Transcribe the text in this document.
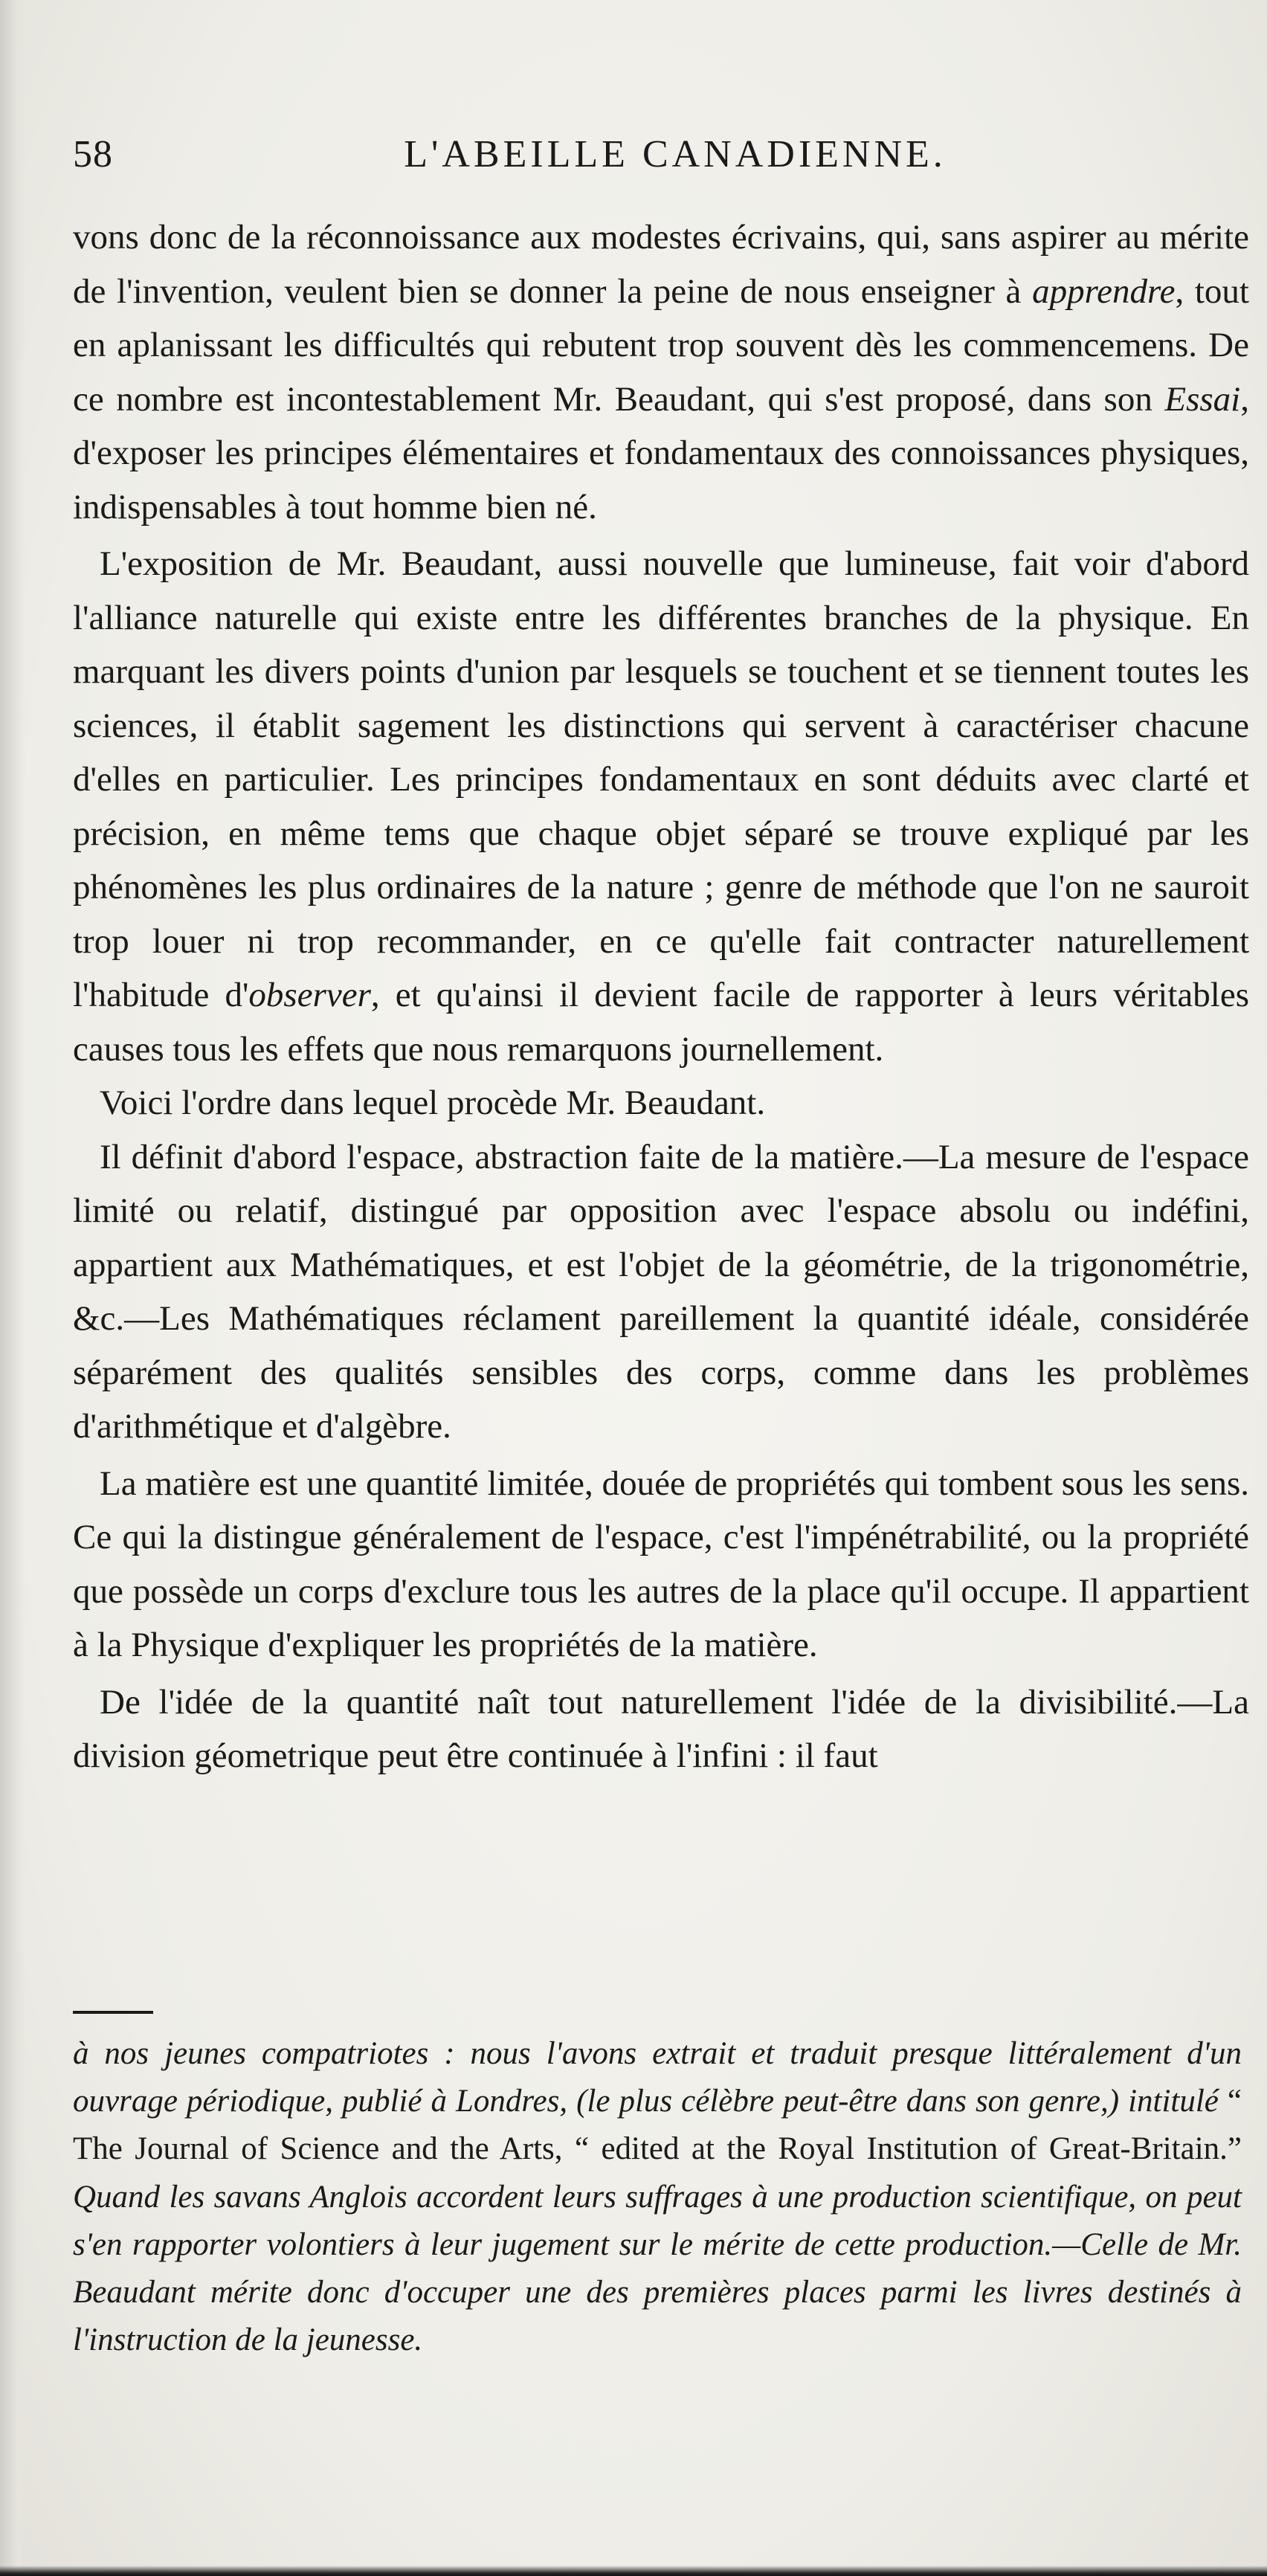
58	L'ABEILLE CANADIENNE.

vons donc de la réconnoissance aux modestes écrivains, qui, sans aspirer au mérite de l'invention, veulent bien se donner la peine de nous enseigner à apprendre, tout en aplanissant les difficultés qui rebutent trop souvent dès les commencemens. De ce nombre est incontestablement Mr. Beaudant, qui s'est proposé, dans son Essai, d'exposer les principes élémentaires et fondamentaux des connoissances physiques, indispensables à tout homme bien né.

L'exposition de Mr. Beaudant, aussi nouvelle que lumineuse, fait voir d'abord l'alliance naturelle qui existe entre les différentes branches de la physique. En marquant les divers points d'union par lesquels se touchent et se tiennent toutes les sciences, il établit sagement les distinctions qui servent à caractériser chacune d'elles en particulier. Les principes fondamentaux en sont déduits avec clarté et précision, en même tems que chaque objet séparé se trouve expliqué par les phénomènes les plus ordinaires de la nature ; genre de méthode que l'on ne sauroit trop louer ni trop recommander, en ce qu'elle fait contracter naturellement l'habitude d'observer, et qu'ainsi il devient facile de rapporter à leurs véritables causes tous les effets que nous remarquons journellement.

Voici l'ordre dans lequel procède Mr. Beaudant.

Il définit d'abord l'espace, abstraction faite de la matière.—La mesure de l'espace limité ou relatif, distingué par opposition avec l'espace absolu ou indéfini, appartient aux Mathématiques, et est l'objet de la géométrie, de la trigonométrie, &c.—Les Mathématiques réclament pareillement la quantité idéale, considérée séparément des qualités sensibles des corps, comme dans les problèmes d'arithmétique et d'algèbre.

La matière est une quantité limitée, douée de propriétés qui tombent sous les sens. Ce qui la distingue généralement de l'espace, c'est l'impénétrabilité, ou la propriété que possède un corps d'exclure tous les autres de la place qu'il occupe. Il appartient à la Physique d'expliquer les propriétés de la matière.

De l'idée de la quantité naît tout naturellement l'idée de la divisibilité.—La division géometrique peut être continuée à l'infini : il faut

à nos jeunes compatriotes : nous l'avons extrait et traduit presque littéralement d'un ouvrage périodique, publié à Londres, (le plus célèbre peut-être dans son genre,) intitulé “ The Journal of Science and the Arts, “ edited at the Royal Institution of Great-Britain.” Quand les savans Anglois accordent leurs suffrages à une production scientifique, on peut s'en rapporter volontiers à leur jugement sur le mérite de cette production.—Celle de Mr. Beaudant mérite donc d'occuper une des premières places parmi les livres destinés à l'instruction de la jeunesse.
